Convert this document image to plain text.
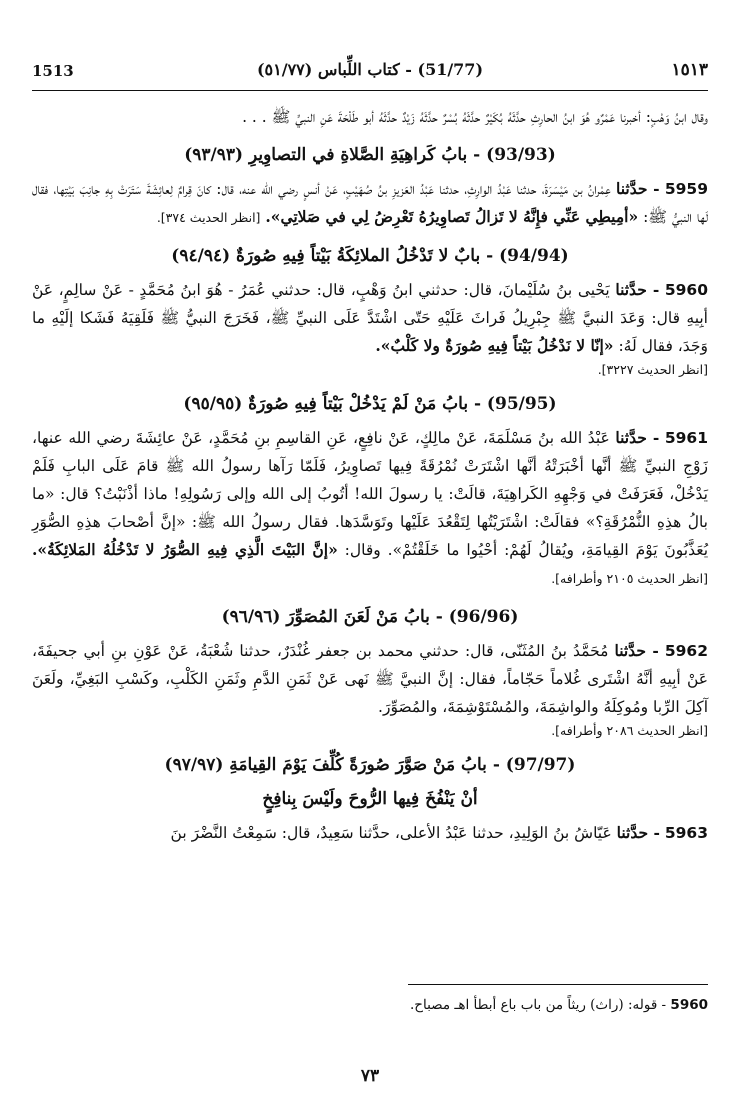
1513	(51/77) - كتاب اللِّباس (٥١/٧٧)	١٥١٣

وقال ابنُ وَهْبٍ: أخبرنا عَمْرٌو هُوَ ابنُ الحارِثِ حدَّثَهُ بُكَيْرٌ حدَّثَهُ بُسْرٌ حدَّثَهُ زَيْدٌ حدَّثَهُ أبو طَلْحَةَ عَنِ النبيِّ ﷺ . . .

(93/93) - بابُ كَراهِيَةِ الصَّلاةِ في التصاوِيرِ (٩٣/٩٣)

5959 - حدَّثنا عِمْرانُ بن مَيْسَرَةَ، حدثنا عَبْدُ الوارِثِ، حدثنا عَبْدُ العَزيزِ بنُ صُهَيْبٍ، عَنْ أنسٍ رضي الله عنه، قال: كانَ قِرامٌ لِعائِشَةَ سَتَرَتْ بِهِ جانِبَ بَيْتِها، فقال لَها النبيُّ ﷺ: «أمِيطِي عَنِّي فإِنَّهُ لا تَزالُ تَصاوِيرُهُ تَعْرِضُ لِي في صَلاتِي». [انظر الحديث ٣٧٤].

(94/94) - بابٌ لا تَدْخُلُ الملائِكَةُ بَيْتاً فِيهِ صُورَةٌ (٩٤/٩٤)

5960 - حدَّثنا يَحْيى بنُ سُلَيْمانَ، قال: حدثني ابنُ وَهْبٍ، قال: حدثني عُمَرُ - هُوَ ابنُ مُحَمَّدٍ - عَنْ سالِمٍ، عَنْ أبِيهِ قال: وَعَدَ النبيَّ ﷺ جِبْرِيلُ فَراثَ عَلَيْهِ حَتّى اشْتَدَّ عَلَى النبيِّ ﷺ، فَخَرَجَ النبيُّ ﷺ فَلَقِيَهُ فَشَكا إلَيْهِ ما وَجَدَ، فقال لَهُ: «إنّا لا نَدْخُلُ بَيْتاً فِيهِ صُورَةٌ ولا كَلْبٌ».

[انظر الحديث ٣٢٢٧].
(95/95) - بابُ مَنْ لَمْ يَدْخُلْ بَيْتاً فِيهِ صُورَةٌ (٩٥/٩٥)

5961 - حدَّثنا عَبْدُ الله بنُ مَسْلَمَةَ، عَنْ مالِكٍ، عَنْ نافِعٍ، عَنِ القاسِمِ بنِ مُحَمَّدٍ، عَنْ عائِشَةَ رضي الله عنها، زَوْجِ النبيِّ ﷺ أنَّها أخْبَرَتْهُ أنَّها اشْتَرَتْ نُمْرُقَةً فِيها تَصاوِيرُ، فَلَمّا رَآها رسولُ الله ﷺ قامَ عَلَى البابِ فَلَمْ يَدْخُلْ، فَعَرَفَتْ في وَجْهِهِ الكَراهِيَةَ، قالَتْ: يا رسولَ الله! أتُوبُ إلى الله وإلى رَسُولِهِ! ماذا أذْنَبْتُ؟ قال: «ما بالُ هذِهِ النُّمْرُقَةِ؟» فقالَتْ: اشْتَرَيْتُها لِتَقْعُدَ عَلَيْها وتَوَسَّدَها. فقال رسولُ الله ﷺ: «إنَّ أصْحابَ هذِهِ الصُّوَرِ يُعَذَّبُونَ يَوْمَ القِيامَةِ، ويُقالُ لَهُمْ: أحْيُوا ما خَلَقْتُمْ». وقال: «إنَّ البَيْتَ الَّذِي فِيهِ الصُّوَرُ لا تَدْخُلُهُ المَلائِكَةُ». [انظر الحديث ٢١٠٥ وأطرافه].

(96/96) - بابُ مَنْ لَعَنَ المُصَوِّرَ (٩٦/٩٦)

5962 - حدَّثنا مُحَمَّدُ بنُ المُثَنّى، قال: حدثني محمد بن جعفر غُنْدَرٌ، حدثنا شُعْبَةُ، عَنْ عَوْنِ بنِ أبي جحيفَةَ، عَنْ أبِيهِ أنَّهُ اشْتَرى غُلاماً حَجّاماً، فقال: إنَّ النبيَّ ﷺ نَهى عَنْ ثَمَنِ الدَّمِ وثَمَنِ الكَلْبِ، وكَسْبِ البَغِيِّ، ولَعَنَ آكِلَ الرِّبا ومُوكِلَهُ والواشِمَةَ، والمُسْتَوْشِمَةَ، والمُصَوِّرَ.

[انظر الحديث ٢٠٨٦ وأطرافه].
(97/97) - بابُ مَنْ صَوَّرَ صُورَةً كُلِّفَ يَوْمَ القِيامَةِ (٩٧/٩٧)
أنْ يَنْفُخَ فِيها الرُّوحَ ولَيْسَ بِنافِخٍ

5963 - حدَّثنا عَيّاشُ بنُ الوَلِيدِ، حدثنا عَبْدُ الأعلى، حدَّثنا سَعِيدٌ، قال: سَمِعْتُ النَّضْرَ بنَ

5960 - قوله: (راث) ريثاً من باب باع أبطأ اهـ مصباح.
٧٣
